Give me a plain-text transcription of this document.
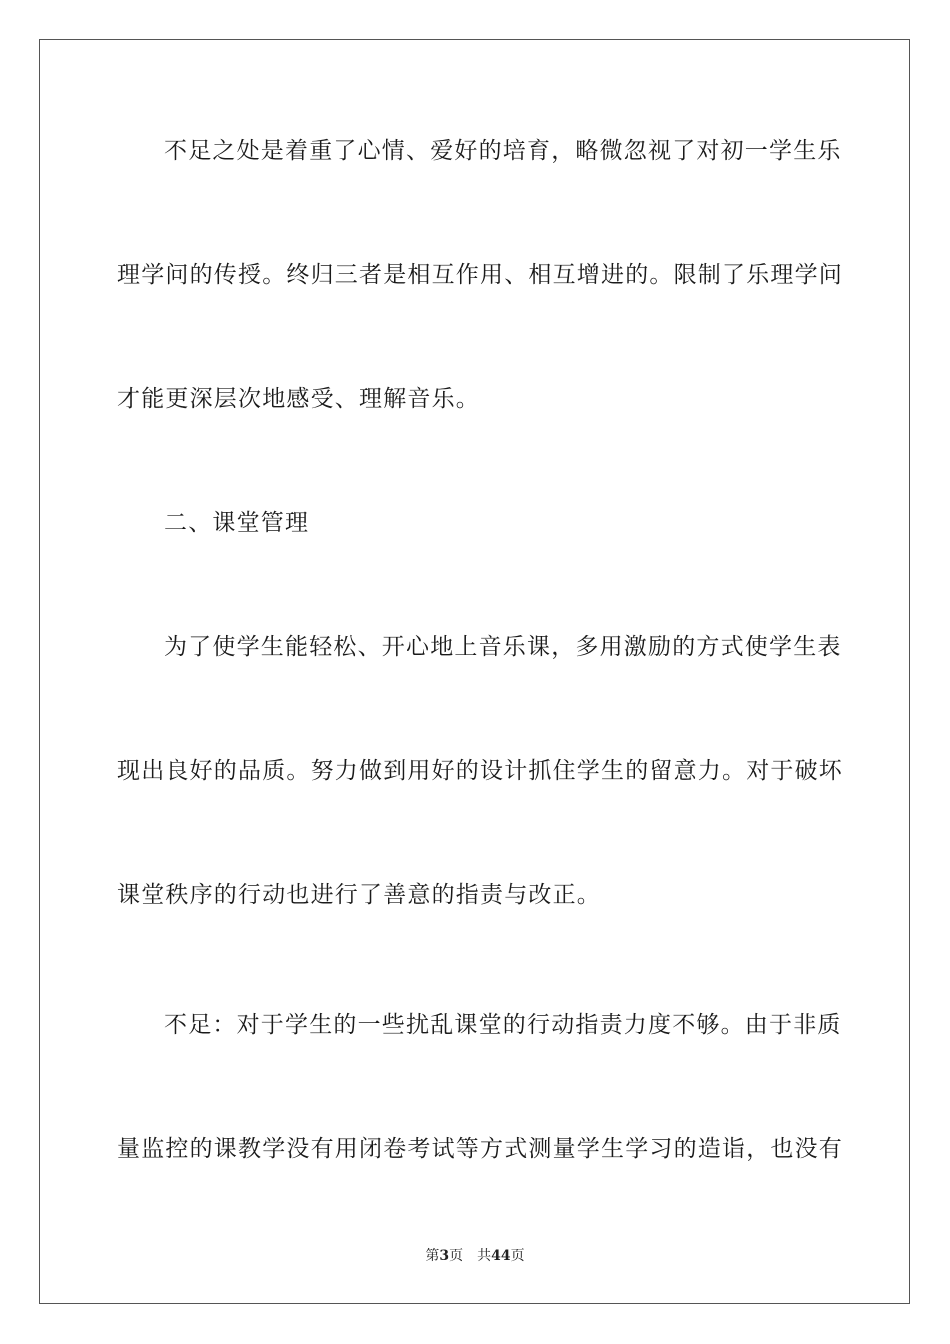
不足之处是着重了心情、爱好的培育，略微忽视了对初一学生乐
理学问的传授。终归三者是相互作用、相互增进的。限制了乐理学问
才能更深层次地感受、理解音乐。
二、课堂管理
为了使学生能轻松、开心地上音乐课，多用激励的方式使学生表
现出良好的品质。努力做到用好的设计抓住学生的留意力。对于破坏
课堂秩序的行动也进行了善意的指责与改正。
不足：对于学生的一些扰乱课堂的行动指责力度不够。由于非质
量监控的课教学没有用闭卷考试等方式测量学生学习的造诣，也没有
第3页 共44页
